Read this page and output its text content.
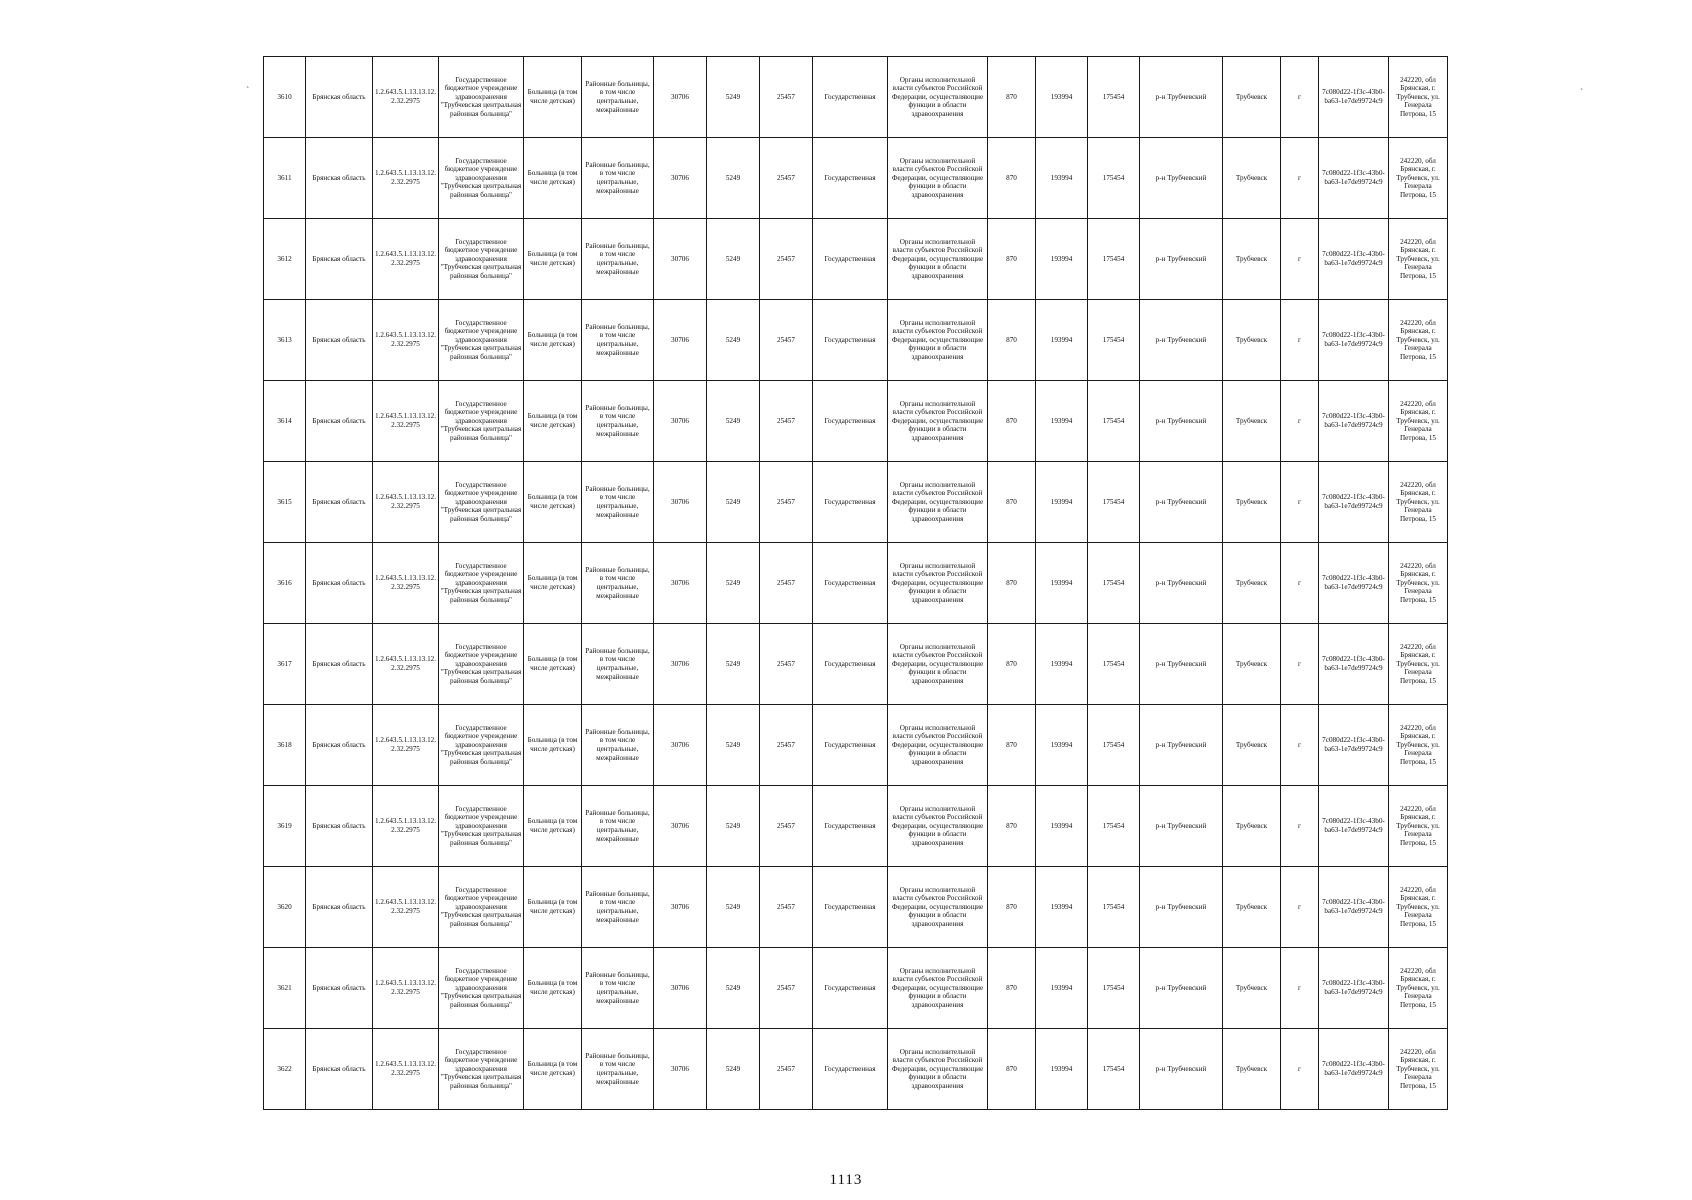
`	`
3610	Брянская область	1.2.643.5.1.13.13.12.2.32.2975	Государственное бюджетное учреждение здравоохранения "Трубчевская центральная районная больница"	Больница (в том числе детская)	Районные больницы, в том числе центральные, межрайонные	30706	5249	25457	Государственная	Органы исполнительной власти субъектов Российской Федерации, осуществляющие функции в области здравоохранения	870	193994	175454	р-н Трубчевский	Трубчевск	г	7c080d22-1f3c-43b0-ba63-1e7de99724c9	242220, обл Брянская, г. Трубчевск, ул. Генерала Петрова, 15
3611	Брянская область	1.2.643.5.1.13.13.12.2.32.2975	Государственное бюджетное учреждение здравоохранения "Трубчевская центральная районная больница"	Больница (в том числе детская)	Районные больницы, в том числе центральные, межрайонные	30706	5249	25457	Государственная	Органы исполнительной власти субъектов Российской Федерации, осуществляющие функции в области здравоохранения	870	193994	175454	р-н Трубчевский	Трубчевск	г	7c080d22-1f3c-43b0-ba63-1e7de99724c9	242220, обл Брянская, г. Трубчевск, ул. Генерала Петрова, 15
3612	Брянская область	1.2.643.5.1.13.13.12.2.32.2975	Государственное бюджетное учреждение здравоохранения "Трубчевская центральная районная больница"	Больница (в том числе детская)	Районные больницы, в том числе центральные, межрайонные	30706	5249	25457	Государственная	Органы исполнительной власти субъектов Российской Федерации, осуществляющие функции в области здравоохранения	870	193994	175454	р-н Трубчевский	Трубчевск	г	7c080d22-1f3c-43b0-ba63-1e7de99724c9	242220, обл Брянская, г. Трубчевск, ул. Генерала Петрова, 15
3613	Брянская область	1.2.643.5.1.13.13.12.2.32.2975	Государственное бюджетное учреждение здравоохранения "Трубчевская центральная районная больница"	Больница (в том числе детская)	Районные больницы, в том числе центральные, межрайонные	30706	5249	25457	Государственная	Органы исполнительной власти субъектов Российской Федерации, осуществляющие функции в области здравоохранения	870	193994	175454	р-н Трубчевский	Трубчевск	г	7c080d22-1f3c-43b0-ba63-1e7de99724c9	242220, обл Брянская, г. Трубчевск, ул. Генерала Петрова, 15
3614	Брянская область	1.2.643.5.1.13.13.12.2.32.2975	Государственное бюджетное учреждение здравоохранения "Трубчевская центральная районная больница"	Больница (в том числе детская)	Районные больницы, в том числе центральные, межрайонные	30706	5249	25457	Государственная	Органы исполнительной власти субъектов Российской Федерации, осуществляющие функции в области здравоохранения	870	193994	175454	р-н Трубчевский	Трубчевск	г	7c080d22-1f3c-43b0-ba63-1e7de99724c9	242220, обл Брянская, г. Трубчевск, ул. Генерала Петрова, 15
3615	Брянская область	1.2.643.5.1.13.13.12.2.32.2975	Государственное бюджетное учреждение здравоохранения "Трубчевская центральная районная больница"	Больница (в том числе детская)	Районные больницы, в том числе центральные, межрайонные	30706	5249	25457	Государственная	Органы исполнительной власти субъектов Российской Федерации, осуществляющие функции в области здравоохранения	870	193994	175454	р-н Трубчевский	Трубчевск	г	7c080d22-1f3c-43b0-ba63-1e7de99724c9	242220, обл Брянская, г. Трубчевск, ул. Генерала Петрова, 15
3616	Брянская область	1.2.643.5.1.13.13.12.2.32.2975	Государственное бюджетное учреждение здравоохранения "Трубчевская центральная районная больница"	Больница (в том числе детская)	Районные больницы, в том числе центральные, межрайонные	30706	5249	25457	Государственная	Органы исполнительной власти субъектов Российской Федерации, осуществляющие функции в области здравоохранения	870	193994	175454	р-н Трубчевский	Трубчевск	г	7c080d22-1f3c-43b0-ba63-1e7de99724c9	242220, обл Брянская, г. Трубчевск, ул. Генерала Петрова, 15
3617	Брянская область	1.2.643.5.1.13.13.12.2.32.2975	Государственное бюджетное учреждение здравоохранения "Трубчевская центральная районная больница"	Больница (в том числе детская)	Районные больницы, в том числе центральные, межрайонные	30706	5249	25457	Государственная	Органы исполнительной власти субъектов Российской Федерации, осуществляющие функции в области здравоохранения	870	193994	175454	р-н Трубчевский	Трубчевск	г	7c080d22-1f3c-43b0-ba63-1e7de99724c9	242220, обл Брянская, г. Трубчевск, ул. Генерала Петрова, 15
3618	Брянская область	1.2.643.5.1.13.13.12.2.32.2975	Государственное бюджетное учреждение здравоохранения "Трубчевская центральная районная больница"	Больница (в том числе детская)	Районные больницы, в том числе центральные, межрайонные	30706	5249	25457	Государственная	Органы исполнительной власти субъектов Российской Федерации, осуществляющие функции в области здравоохранения	870	193994	175454	р-н Трубчевский	Трубчевск	г	7c080d22-1f3c-43b0-ba63-1e7de99724c9	242220, обл Брянская, г. Трубчевск, ул. Генерала Петрова, 15
3619	Брянская область	1.2.643.5.1.13.13.12.2.32.2975	Государственное бюджетное учреждение здравоохранения "Трубчевская центральная районная больница"	Больница (в том числе детская)	Районные больницы, в том числе центральные, межрайонные	30706	5249	25457	Государственная	Органы исполнительной власти субъектов Российской Федерации, осуществляющие функции в области здравоохранения	870	193994	175454	р-н Трубчевский	Трубчевск	г	7c080d22-1f3c-43b0-ba63-1e7de99724c9	242220, обл Брянская, г. Трубчевск, ул. Генерала Петрова, 15
3620	Брянская область	1.2.643.5.1.13.13.12.2.32.2975	Государственное бюджетное учреждение здравоохранения "Трубчевская центральная районная больница"	Больница (в том числе детская)	Районные больницы, в том числе центральные, межрайонные	30706	5249	25457	Государственная	Органы исполнительной власти субъектов Российской Федерации, осуществляющие функции в области здравоохранения	870	193994	175454	р-н Трубчевский	Трубчевск	г	7c080d22-1f3c-43b0-ba63-1e7de99724c9	242220, обл Брянская, г. Трубчевск, ул. Генерала Петрова, 15
3621	Брянская область	1.2.643.5.1.13.13.12.2.32.2975	Государственное бюджетное учреждение здравоохранения "Трубчевская центральная районная больница"	Больница (в том числе детская)	Районные больницы, в том числе центральные, межрайонные	30706	5249	25457	Государственная	Органы исполнительной власти субъектов Российской Федерации, осуществляющие функции в области здравоохранения	870	193994	175454	р-н Трубчевский	Трубчевск	г	7c080d22-1f3c-43b0-ba63-1e7de99724c9	242220, обл Брянская, г. Трубчевск, ул. Генерала Петрова, 15
3622	Брянская область	1.2.643.5.1.13.13.12.2.32.2975	Государственное бюджетное учреждение здравоохранения "Трубчевская центральная районная больница"	Больница (в том числе детская)	Районные больницы, в том числе центральные, межрайонные	30706	5249	25457	Государственная	Органы исполнительной власти субъектов Российской Федерации, осуществляющие функции в области здравоохранения	870	193994	175454	р-н Трубчевский	Трубчевск	г	7c080d22-1f3c-43b0-ba63-1e7de99724c9	242220, обл Брянская, г. Трубчевск, ул. Генерала Петрова, 15
1113
